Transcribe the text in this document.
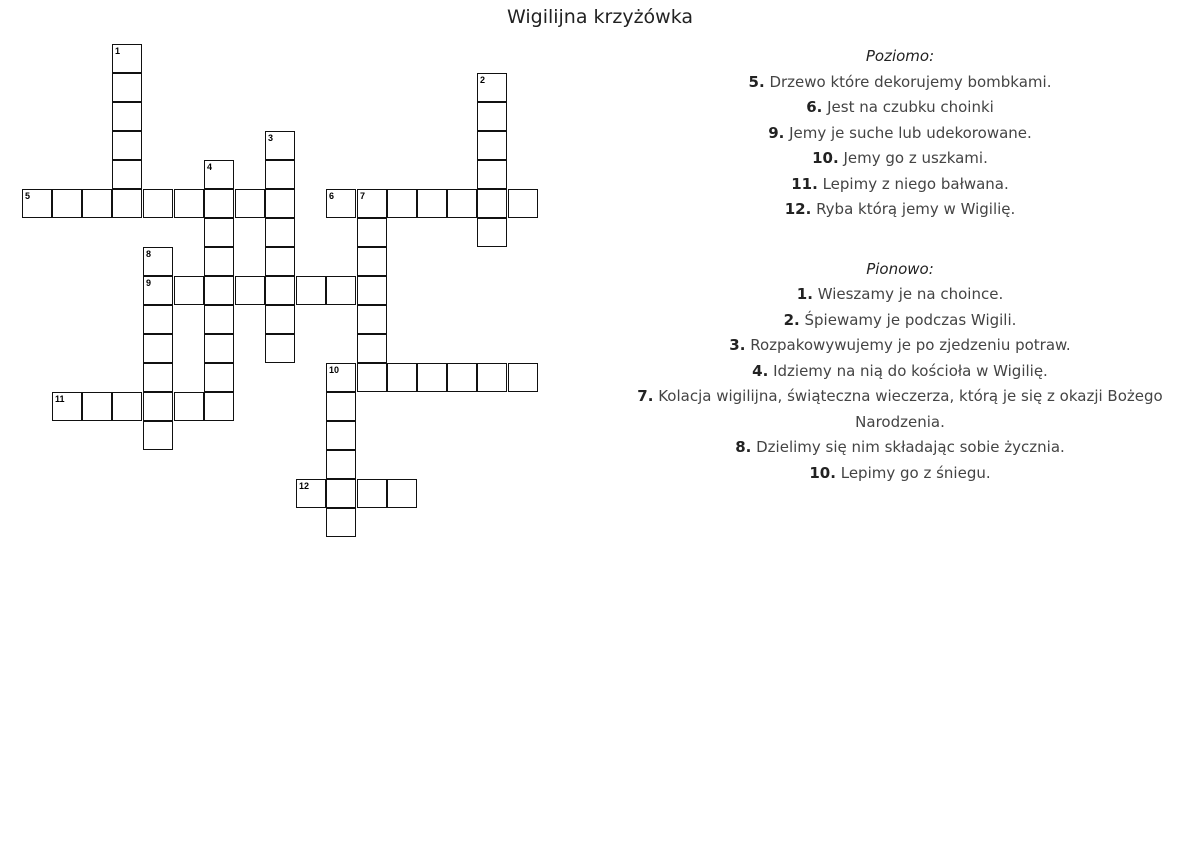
Wigilijna krzyżówka
1
2
3
4
5	6	7
8
9
10
11
12
Poziomo:
5. Drzewo które dekorujemy bombkami.
6. Jest na czubku choinki
9. Jemy je suche lub udekorowane.
10. Jemy go z uszkami.
11. Lepimy z niego bałwana.
12. Ryba którą jemy w Wigilię.
Pionowo:
1. Wieszamy je na choince.
2. Śpiewamy je podczas Wigili.
3. Rozpakowywujemy je po zjedzeniu potraw.
4. Idziemy na nią do kościoła w Wigilię.
7. Kolacja wigilijna, świąteczna wieczerza, którą je się z okazji Bożego Narodzenia.
8. Dzielimy się nim składając sobie życznia.
10. Lepimy go z śniegu.
